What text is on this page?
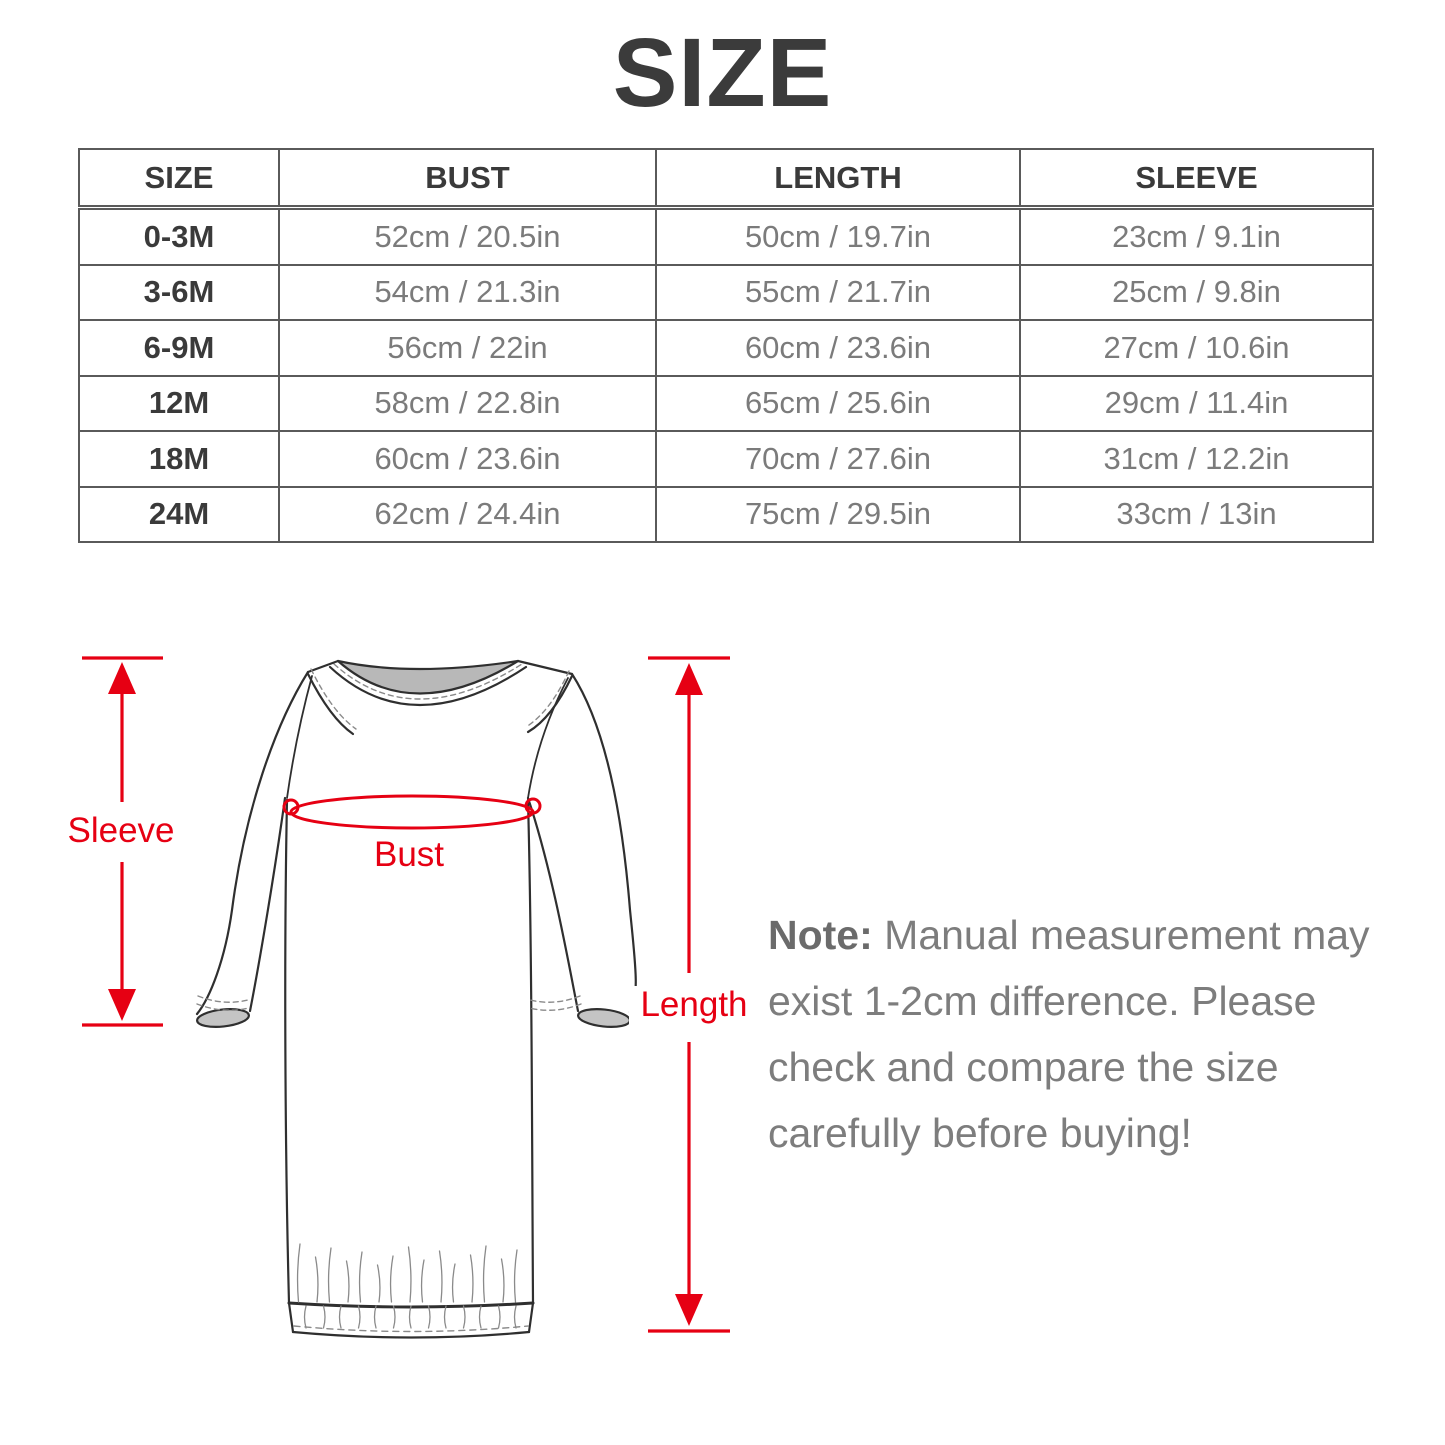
SIZE
SIZE	BUST	LENGTH	SLEEVE
0-3M	52cm / 20.5in	50cm / 19.7in	23cm / 9.1in
3-6M	54cm / 21.3in	55cm / 21.7in	25cm / 9.8in
6-9M	56cm / 22in	60cm / 23.6in	27cm / 10.6in
12M	58cm / 22.8in	65cm / 25.6in	29cm / 11.4in
18M	60cm / 23.6in	70cm / 27.6in	31cm / 12.2in
24M	62cm / 24.4in	75cm / 29.5in	33cm / 13in
Sleeve
Bust
Length
Note: Manual measurement may exist 1-2cm difference. Please check and compare the size carefully before buying!
